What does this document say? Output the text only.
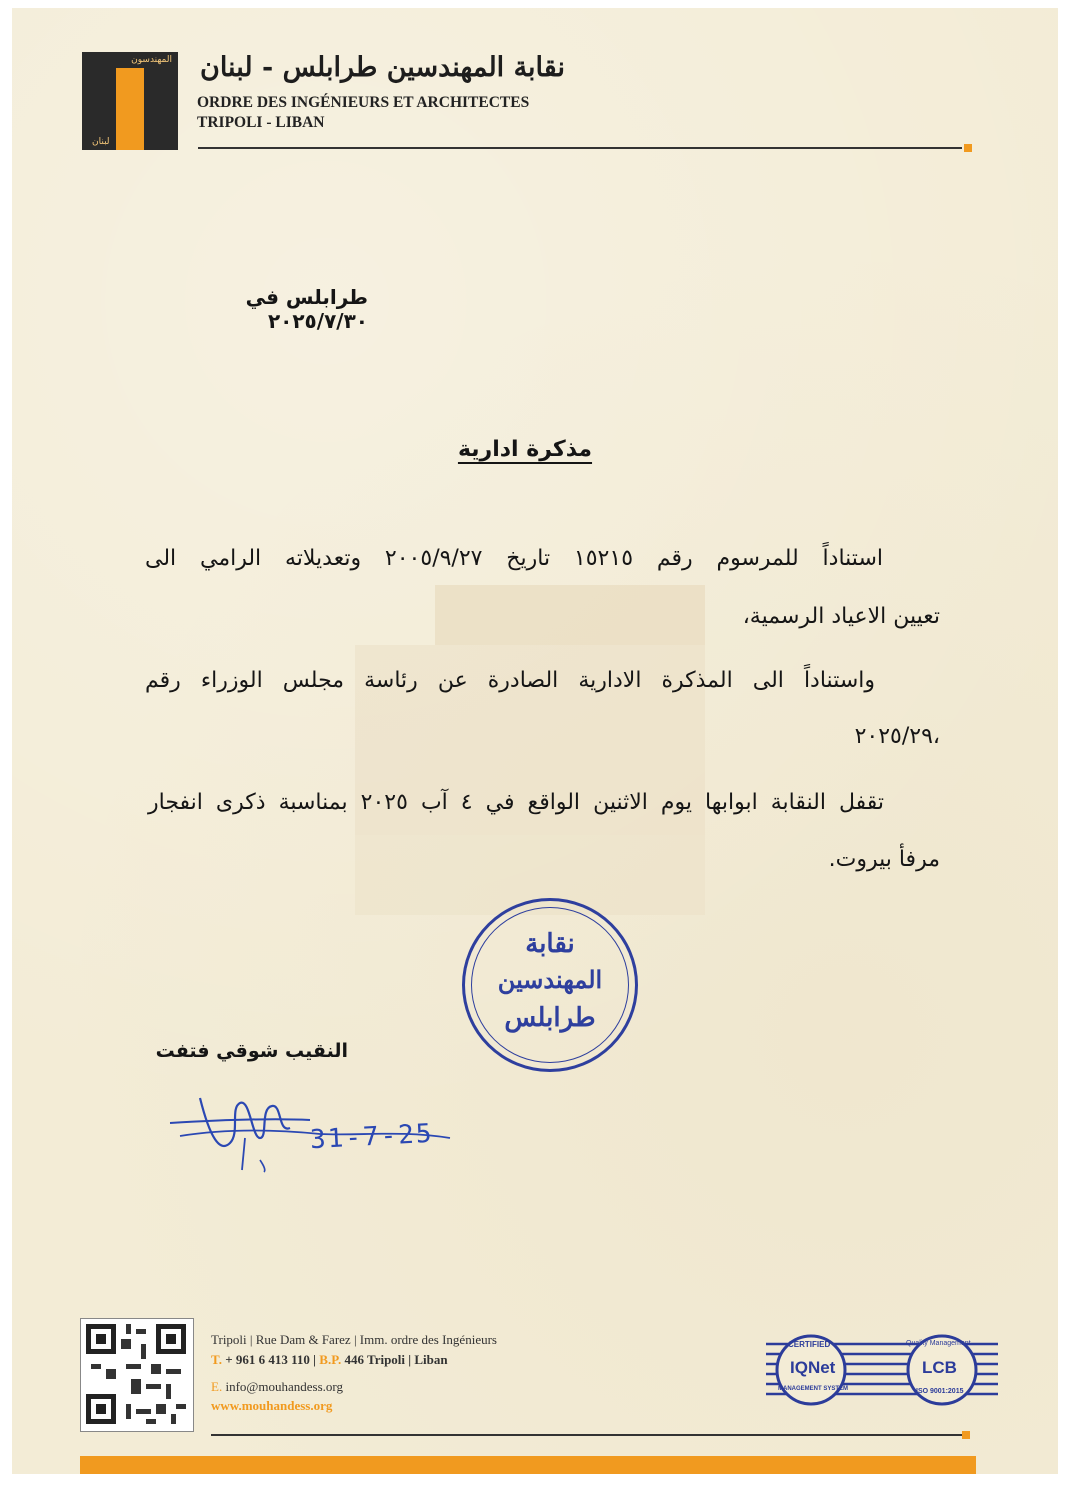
المهندسون
لبنان
نقابة المهندسين طرابلس - لبنان
ORDRE DES INGÉNIEURS ET ARCHITECTES
TRIPOLI - LIBAN
طرابلس في ٢٠٢٥/٧/٣٠
مذكرة ادارية
استناداً للمرسوم رقم ١٥٢١٥ تاريخ ٢٠٠٥/٩/٢٧ وتعديلاته الرامي الى
تعيين الاعياد الرسمية،
واستناداً الى المذكرة الادارية الصادرة عن رئاسة مجلس الوزراء رقم
٢٠٢٥/٢٩،
تقفل النقابة ابوابها يوم الاثنين الواقع في ٤ آب ٢٠٢٥ بمناسبة ذكرى انفجار
مرفأ بيروت.
نقابة
المهندسين
طرابلس
النقيب شوقي فتفت
31-7-25
Tripoli | Rue Dam & Farez | Imm. ordre des Ingénieurs
T. + 961 6 413 110 | B.P. 446 Tripoli | Liban
E. info@mouhandess.org
www.mouhandess.org
CERTIFIED
IQNet
MANAGEMENT SYSTEM
Quality Management
LCB
ISO 9001:2015
